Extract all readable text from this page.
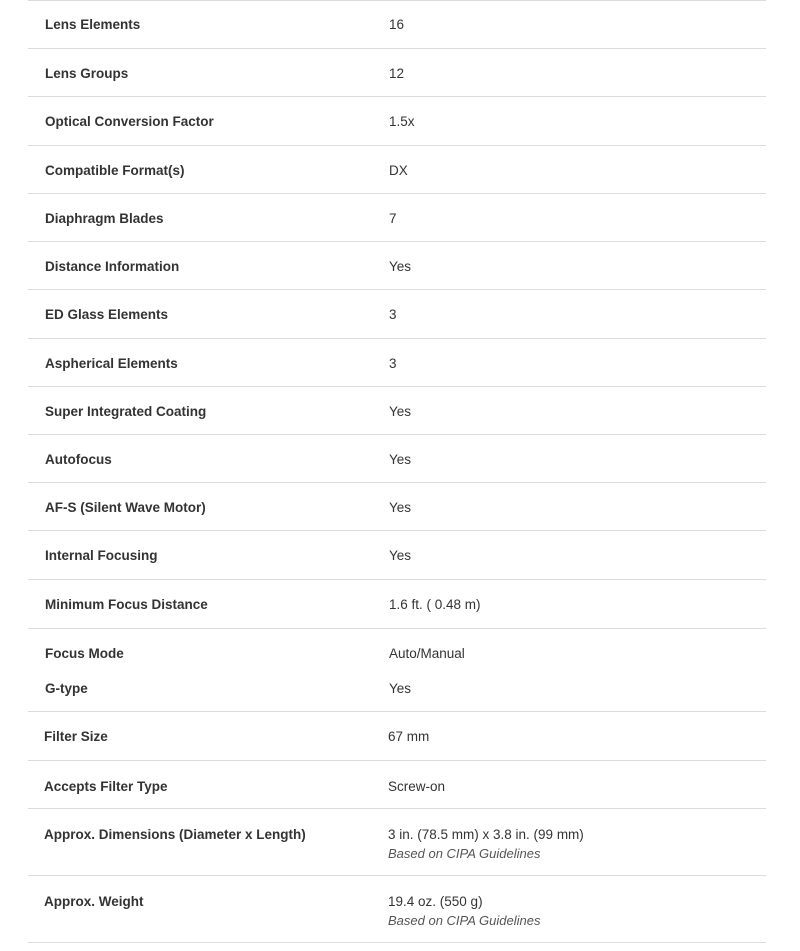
Lens Elements	16
Lens Groups	12
Optical Conversion Factor	1.5x
Compatible Format(s)	DX
Diaphragm Blades	7
Distance Information	Yes
ED Glass Elements	3
Aspherical Elements	3
Super Integrated Coating	Yes
Autofocus	Yes
AF-S (Silent Wave Motor)	Yes
Internal Focusing	Yes
Minimum Focus Distance	1.6 ft. ( 0.48 m)
Focus Mode	Auto/Manual
G-type	Yes
Filter Size	67 mm
Accepts Filter Type	Screw-on
Approx. Dimensions (Diameter x Length)	3 in. (78.5 mm) x 3.8 in. (99 mm)
Based on CIPA Guidelines
Approx. Weight	19.4 oz. (550 g)
Based on CIPA Guidelines
